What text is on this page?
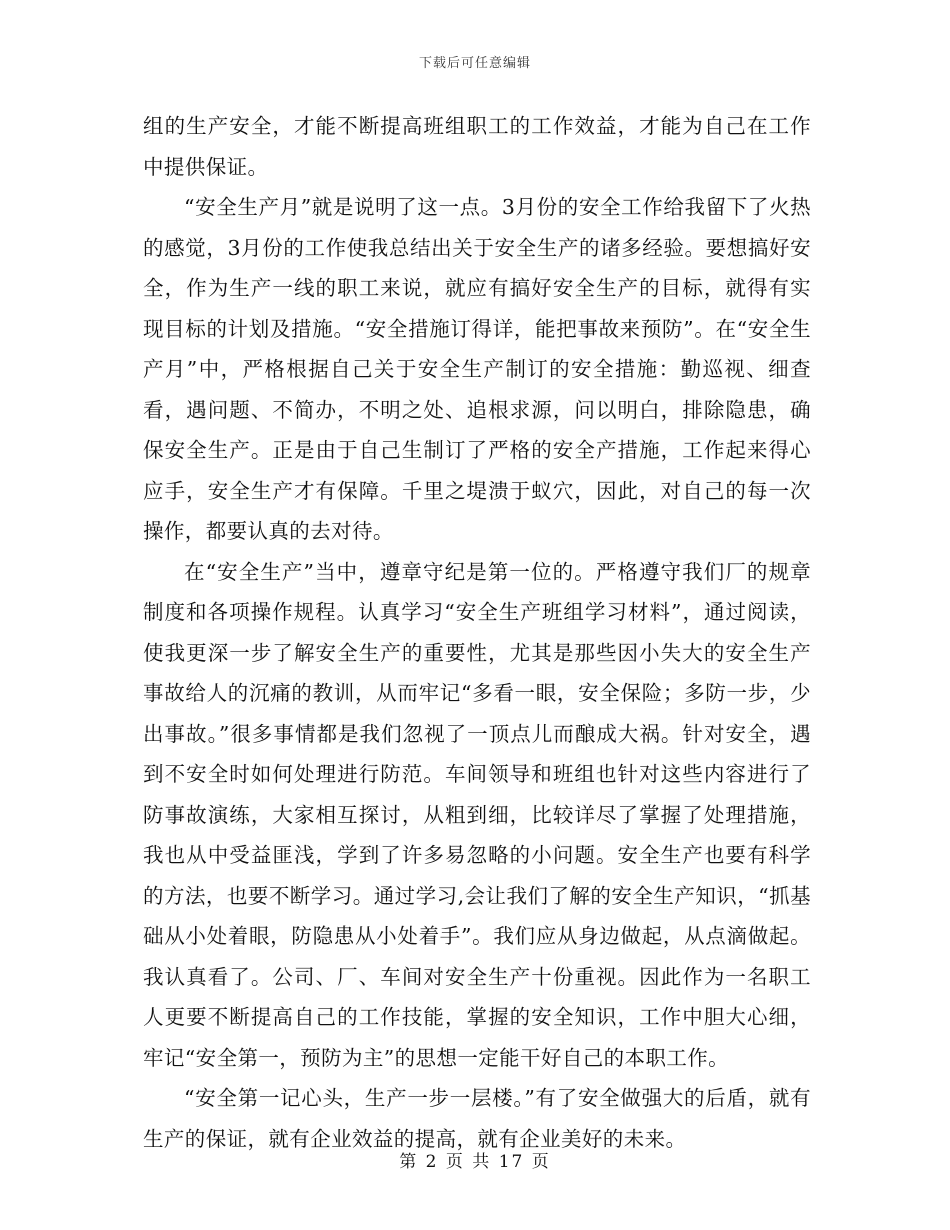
下载后可任意编辑

组的生产安全，才能不断提高班组职工的工作效益，才能为自己在工作中提供保证。

“安全生产月”就是说明了这一点。3月份的安全工作给我留下了火热的感觉，3月份的工作使我总结出关于安全生产的诸多经验。要想搞好安全，作为生产一线的职工来说，就应有搞好安全生产的目标，就得有实现目标的计划及措施。“安全措施订得详，能把事故来预防”。在“安全生产月”中，严格根据自己关于安全生产制订的安全措施：勤巡视、细查看，遇问题、不简办，不明之处、追根求源，问以明白，排除隐患，确保安全生产。正是由于自己生制订了严格的安全产措施，工作起来得心应手，安全生产才有保障。千里之堤溃于蚁穴，因此，对自己的每一次操作，都要认真的去对待。

在“安全生产”当中，遵章守纪是第一位的。严格遵守我们厂的规章制度和各项操作规程。认真学习“安全生产班组学习材料”，通过阅读，使我更深一步了解安全生产的重要性，尤其是那些因小失大的安全生产事故给人的沉痛的教训，从而牢记“多看一眼，安全保险；多防一步，少出事故。”很多事情都是我们忽视了一顶点儿而酿成大祸。针对安全，遇到不安全时如何处理进行防范。车间领导和班组也针对这些内容进行了防事故演练，大家相互探讨，从粗到细，比较详尽了掌握了处理措施，我也从中受益匪浅，学到了许多易忽略的小问题。安全生产也要有科学的方法，也要不断学习。通过学习,会让我们了解的安全生产知识，“抓基础从小处着眼，防隐患从小处着手”。我们应从身边做起，从点滴做起。我认真看了。公司、厂、车间对安全生产十份重视。因此作为一名职工人更要不断提高自己的工作技能，掌握的安全知识，工作中胆大心细，牢记“安全第一，预防为主”的思想一定能干好自己的本职工作。

“安全第一记心头，生产一步一层楼。”有了安全做强大的后盾，就有生产的保证，就有企业效益的提高，就有企业美好的未来。

第 2 页 共 17 页
